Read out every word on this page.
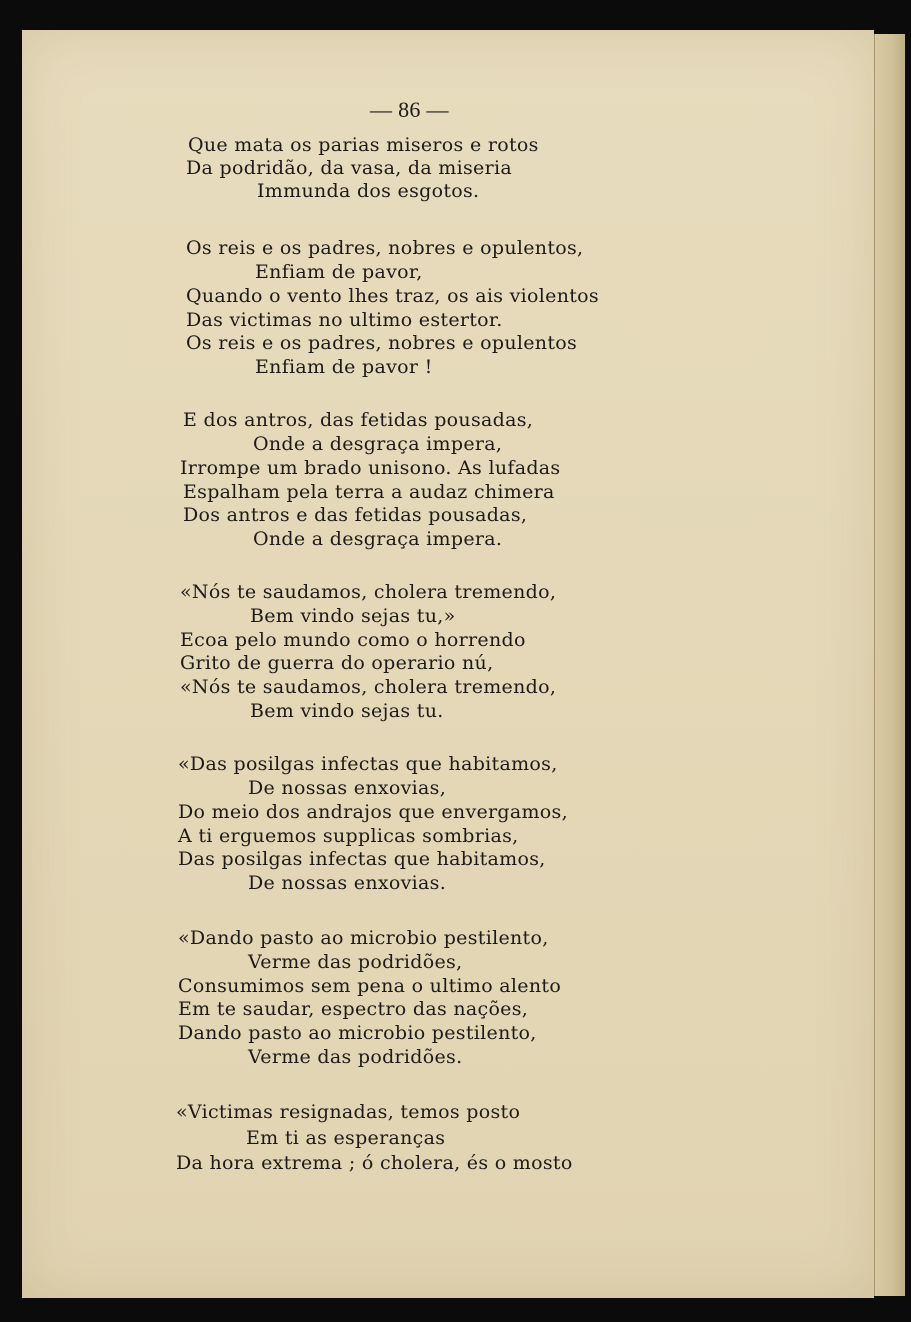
— 86 —
Que mata os parias miseros e rotos
Da podridão, da vasa, da miseria
Immunda dos esgotos.
Os reis e os padres, nobres e opulentos,
Enfiam de pavor,
Quando o vento lhes traz, os ais violentos
Das victimas no ultimo estertor.
Os reis e os padres, nobres e opulentos
Enfiam de pavor !
E dos antros, das fetidas pousadas,
Onde a desgraça impera,
Irrompe um brado unisono. As lufadas
Espalham pela terra a audaz chimera
Dos antros e das fetidas pousadas,
Onde a desgraça impera.
«Nós te saudamos, cholera tremendo,
Bem vindo sejas tu,»
Ecoa pelo mundo como o horrendo
Grito de guerra do operario nú,
«Nós te saudamos, cholera tremendo,
Bem vindo sejas tu.
«Das posilgas infectas que habitamos,
De nossas enxovias,
Do meio dos andrajos que envergamos,
A ti erguemos supplicas sombrias,
Das posilgas infectas que habitamos,
De nossas enxovias.
«Dando pasto ao microbio pestilento,
Verme das podridões,
Consumimos sem pena o ultimo alento
Em te saudar, espectro das nações,
Dando pasto ao microbio pestilento,
Verme das podridões.
«Victimas resignadas, temos posto
Em ti as esperanças
Da hora extrema ; ó cholera, és o mosto
